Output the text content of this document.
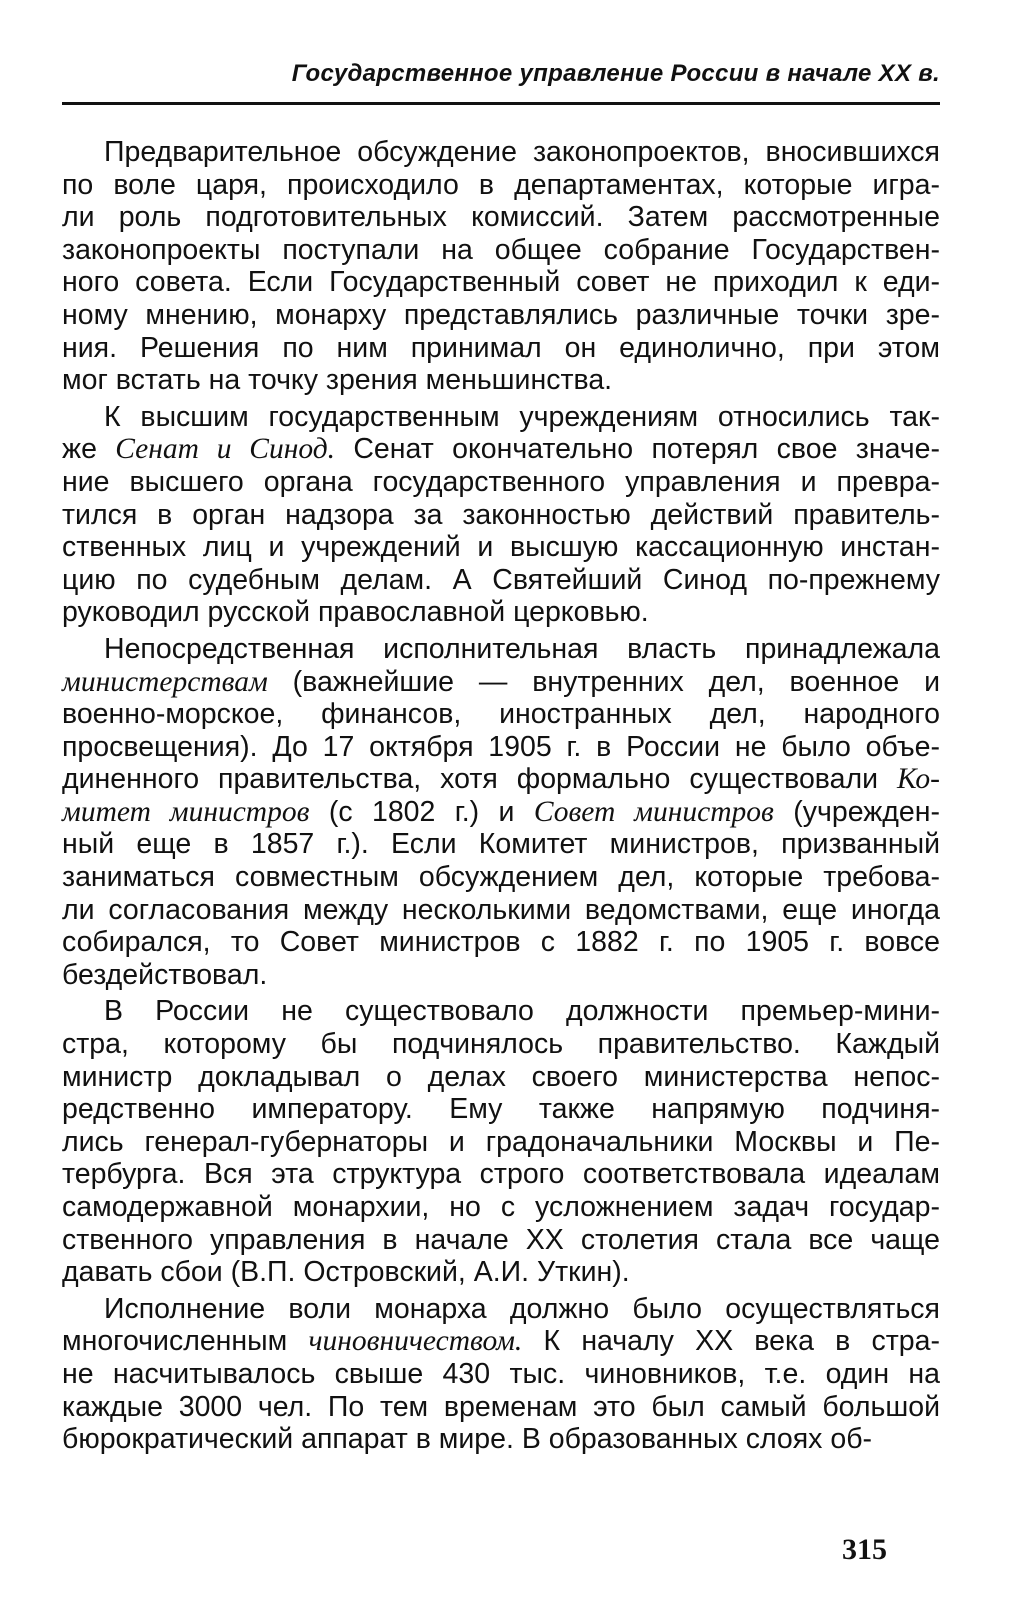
Государственное управление России в начале XX в.
Предварительное обсуждение законопроектов, вносившихся
по воле царя, происходило в департаментах, которые игра-
ли роль подготовительных комиссий. Затем рассмотренные
законопроекты поступали на общее собрание Государствен-
ного совета. Если Государственный совет не приходил к еди-
ному мнению, монарху представлялись различные точки зре-
ния. Решения по ним принимал он единолично, при этом
мог встать на точку зрения меньшинства.
К высшим государственным учреждениям относились так-
же Сенат и Синод. Сенат окончательно потерял свое значе-
ние высшего органа государственного управления и превра-
тился в орган надзора за законностью действий правитель-
ственных лиц и учреждений и высшую кассационную инстан-
цию по судебным делам. А Святейший Синод по-прежнему
руководил русской православной церковью.
Непосредственная исполнительная власть принадлежала
министерствам (важнейшие — внутренних дел, военное и
военно-морское, финансов, иностранных дел, народного
просвещения). До 17 октября 1905 г. в России не было объе-
диненного правительства, хотя формально существовали Ко-
митет министров (с 1802 г.) и Совет министров (учрежден-
ный еще в 1857 г.). Если Комитет министров, призванный
заниматься совместным обсуждением дел, которые требова-
ли согласования между несколькими ведомствами, еще иногда
собирался, то Совет министров с 1882 г. по 1905 г. вовсе
бездействовал.
В России не существовало должности премьер-мини-
стра, которому бы подчинялось правительство. Каждый
министр докладывал о делах своего министерства непос-
редственно императору. Ему также напрямую подчиня-
лись генерал-губернаторы и градоначальники Москвы и Пе-
тербурга. Вся эта структура строго соответствовала идеалам
самодержавной монархии, но с усложнением задач государ-
ственного управления в начале XX столетия стала все чаще
давать сбои (В.П. Островский, А.И. Уткин).
Исполнение воли монарха должно было осуществляться
многочисленным чиновничеством. К началу XX века в стра-
не насчитывалось свыше 430 тыс. чиновников, т.е. один на
каждые 3000 чел. По тем временам это был самый большой
бюрократический аппарат в мире. В образованных слоях об-
315
